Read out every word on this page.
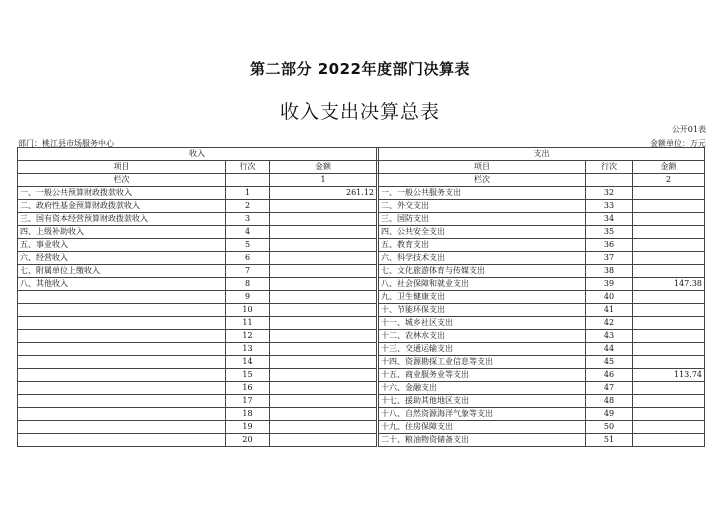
第二部分 2022年度部门决算表
收入支出决算总表
公开01表
部门：桃江县市场服务中心	金额单位：万元
收入				支出		
项目	行次	金额		项目	行次	金额
栏次		1		栏次		2
一、一般公共预算财政拨款收入	1	261.12		一、一般公共服务支出	32	
二、政府性基金预算财政拨款收入	2			二、外交支出	33	
三、国有资本经营预算财政拨款收入	3			三、国防支出	34	
四、上级补助收入	4			四、公共安全支出	35	
五、事业收入	5			五、教育支出	36	
六、经营收入	6			六、科学技术支出	37	
七、附属单位上缴收入	7			七、文化旅游体育与传媒支出	38	
八、其他收入	8			八、社会保障和就业支出	39	147.38
	9			九、卫生健康支出	40	
	10			十、节能环保支出	41	
	11			十一、城乡社区支出	42	
	12			十二、农林水支出	43	
	13			十三、交通运输支出	44	
	14			十四、资源勘探工业信息等支出	45	
	15			十五、商业服务业等支出	46	113.74
	16			十六、金融支出	47	
	17			十七、援助其他地区支出	48	
	18			十八、自然资源海洋气象等支出	49	
	19			十九、住房保障支出	50	
	20			二十、粮油物资储备支出	51	
